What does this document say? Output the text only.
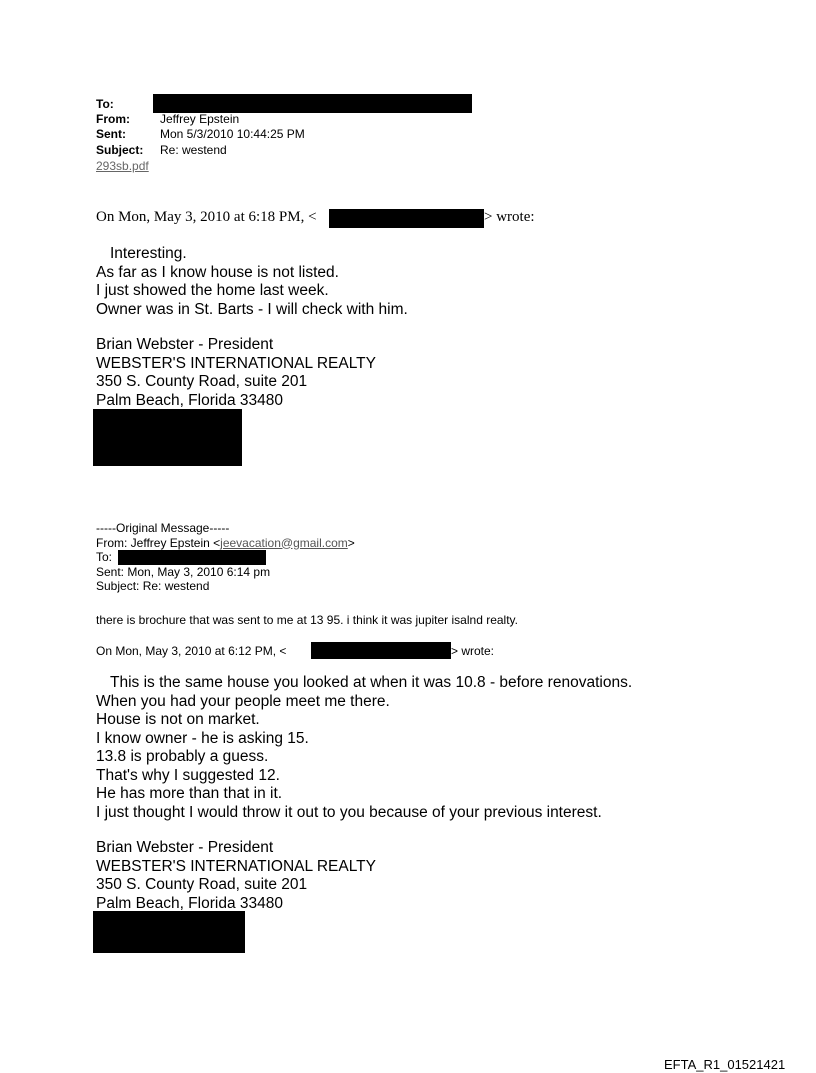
To:
From:	Jeffrey Epstein
Sent:	Mon 5/3/2010 10:44:25 PM
Subject: Re: westend
293sb.pdf
On Mon, May 3, 2010 at 6:18 PM, <	> wrote:
Interesting.
As far as I know house is not listed.
I just showed the home last week.
Owner was in St. Barts - I will check with him.
Brian Webster - President
WEBSTER'S INTERNATIONAL REALTY
350 S. County Road, suite 201
Palm Beach, Florida 33480
-----Original Message-----
From: Jeffrey Epstein <jeevacation@gmail.com>
To:
Sent: Mon, May 3, 2010 6:14 pm
Subject: Re: westend
there is brochure that was sent to me at 13 95. i think it was jupiter isalnd realty.
On Mon, May 3, 2010 at 6:12 PM, <	> wrote:
This is the same house you looked at when it was 10.8 - before renovations.
When you had your people meet me there.
House is not on market.
I know owner - he is asking 15.
13.8 is probably a guess.
That's why I suggested 12.
He has more than that in it.
I just thought I would throw it out to you because of your previous interest.
Brian Webster - President
WEBSTER'S INTERNATIONAL REALTY
350 S. County Road, suite 201
Palm Beach, Florida 33480
EFTA_R1_01521421
